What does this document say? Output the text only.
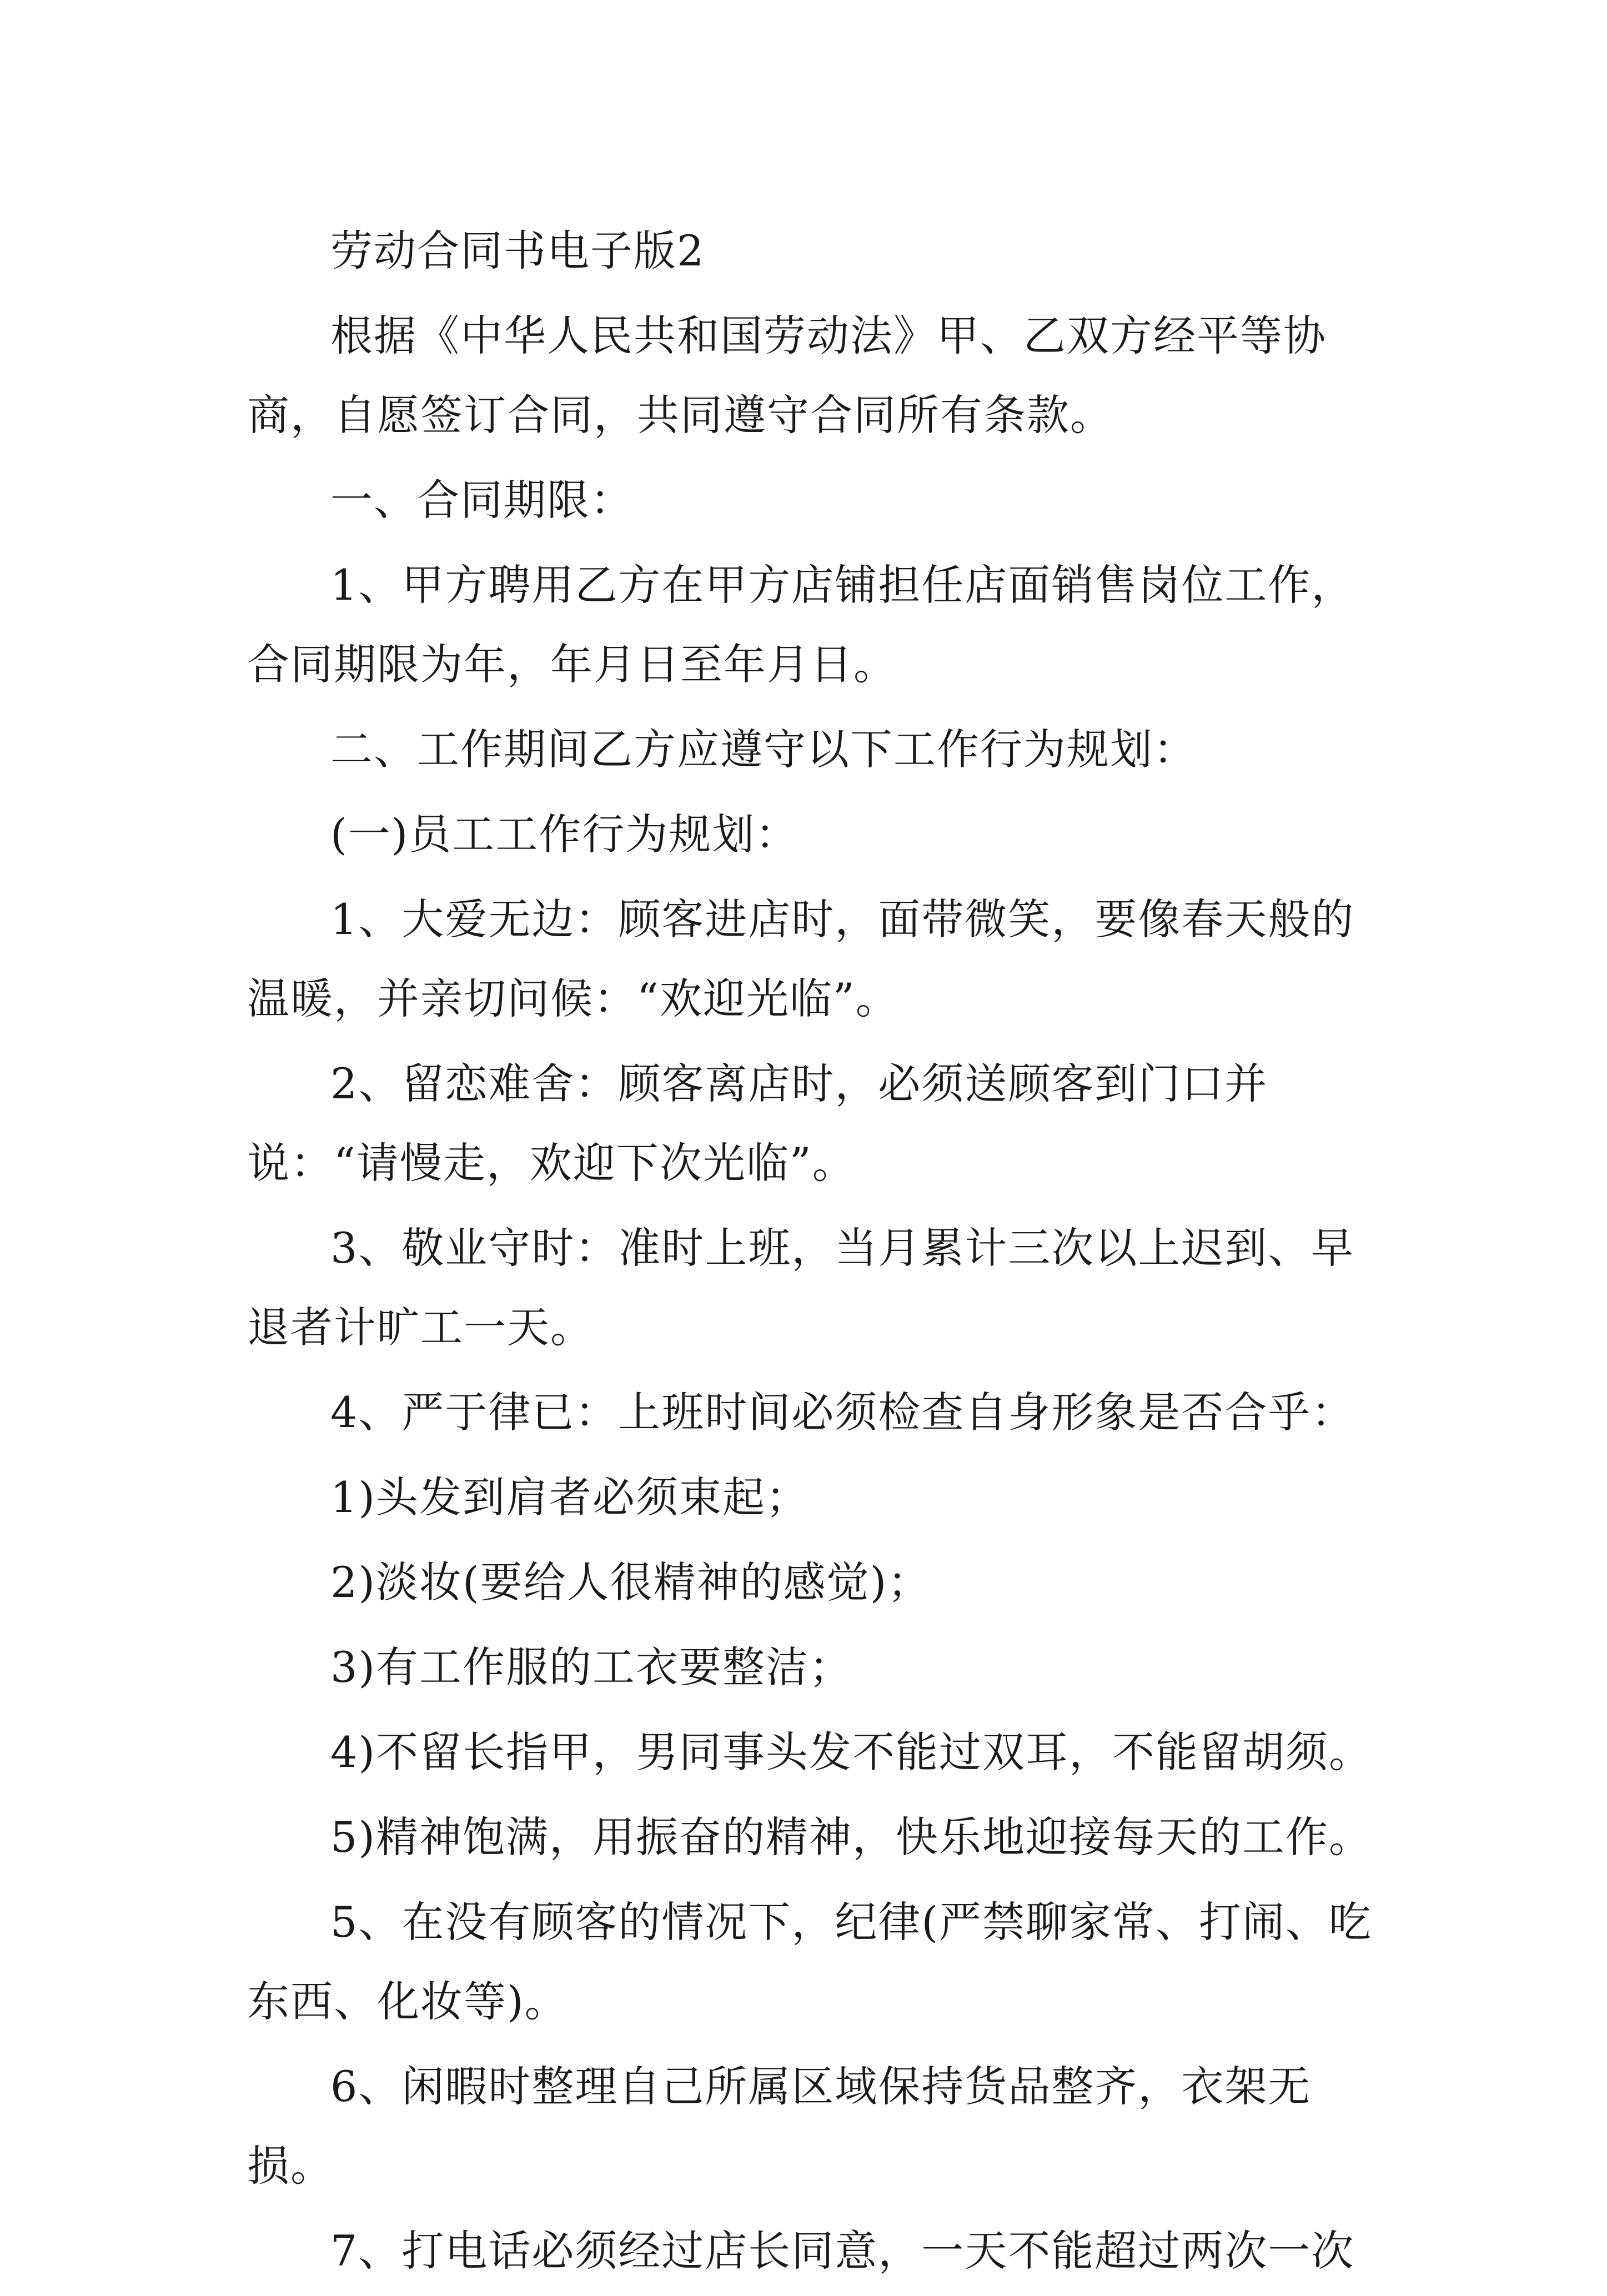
劳动合同书电子版2

根据《中华人民共和国劳动法》甲、乙双方经平等协商，自愿签订合同，共同遵守合同所有条款。

一、合同期限：

1、甲方聘用乙方在甲方店铺担任店面销售岗位工作，合同期限为年，年月日至年月日。

二、工作期间乙方应遵守以下工作行为规划：

(一)员工工作行为规划：

1、大爱无边：顾客进店时，面带微笑，要像春天般的温暖，并亲切问候：“欢迎光临”。

2、留恋难舍：顾客离店时，必须送顾客到门口并说：“请慢走，欢迎下次光临”。

3、敬业守时：准时上班，当月累计三次以上迟到、早退者计旷工一天。

4、严于律已：上班时间必须检查自身形象是否合乎：

1)头发到肩者必须束起；

2)淡妆(要给人很精神的感觉)；

3)有工作服的工衣要整洁；

4)不留长指甲，男同事头发不能过双耳，不能留胡须。

5)精神饱满，用振奋的精神，快乐地迎接每天的工作。

5、在没有顾客的情况下，纪律(严禁聊家常、打闹、吃东西、化妆等)。

6、闲暇时整理自己所属区域保持货品整齐，衣架无损。

7、打电话必须经过店长同意，一天不能超过两次一次
